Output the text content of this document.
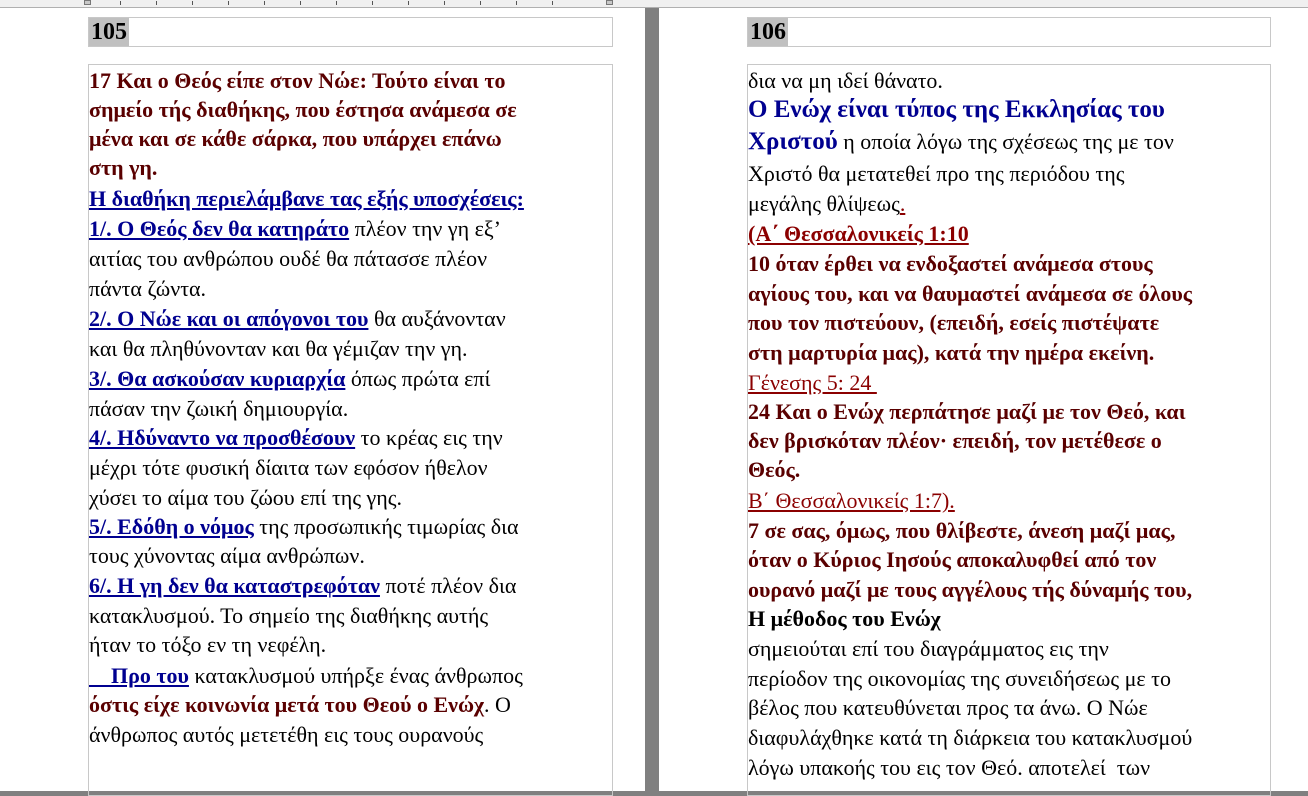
105
17 Και ο Θεός είπε στον Νώε: Τούτο είναι το
σημείο τής διαθήκης, που έστησα ανάμεσα σε
μένα και σε κάθε σάρκα, που υπάρχει επάνω
στη γη.
Η διαθήκη περιελάμβανε τας εξής υποσχέσεις:
1/. Ο Θεός δεν θα κατηράτο πλέον την γη εξ’
αιτίας του ανθρώπου ουδέ θα πάτασσε πλέον
πάντα ζώντα.
2/. Ο Νώε και οι απόγονοι του θα αυξάνονταν
και θα πληθύνονταν και θα γέμιζαν την γη.
3/. Θα ασκούσαν κυριαρχία όπως πρώτα επί
πάσαν την ζωική δημιουργία.
4/. Ηδύναντο να προσθέσουν το κρέας εις την
μέχρι τότε φυσική δίαιτα των εφόσον ήθελον
χύσει το αίμα του ζώου επί της γης.
5/. Εδόθη ο νόμος της προσωπικής τιμωρίας δια
τους χύνοντας αίμα ανθρώπων.
6/. Η γη δεν θα καταστρεφόταν ποτέ πλέον δια
κατακλυσμού. Το σημείο της διαθήκης αυτής
ήταν το τόξο εν τη νεφέλη.
Προ του κατακλυσμού υπήρξε ένας άνθρωπος
όστις είχε κοινωνία μετά του Θεού ο Ενώχ. Ο
άνθρωπος αυτός μετετέθη εις τους ουρανούς
106
δια να μη ιδεί θάνατο.
Ο Ενώχ είναι τύπος της Εκκλησίας του
Χριστού η οποία λόγω της σχέσεως της με τον
Χριστό θα μετατεθεί προ της περιόδου της
μεγάλης θλίψεως.
(Α΄ Θεσσαλονικείς 1:10
10 όταν έρθει να ενδοξαστεί ανάμεσα στους
αγίους του, και να θαυμαστεί ανάμεσα σε όλους
που τον πιστεύουν, (επειδή, εσείς πιστέψατε
στη μαρτυρία μας), κατά την ημέρα εκείνη.
Γένεσης 5: 24
24 Και ο Ενώχ περπάτησε μαζί με τον Θεό, και
δεν βρισκόταν πλέον· επειδή, τον μετέθεσε ο
Θεός.
Β΄ Θεσσαλονικείς 1:7).
7 σε σας, όμως, που θλίβεστε, άνεση μαζί μας,
όταν ο Κύριος Ιησούς αποκαλυφθεί από τον
ουρανό μαζί με τους αγγέλους τής δύναμής του,
Η μέθοδος του Ενώχ
σημειούται επί του διαγράμματος εις την
περίοδον της οικονομίας της συνειδήσεως με το
βέλος που κατευθύνεται προς τα άνω. Ο Νώε
διαφυλάχθηκε κατά τη διάρκεια του κατακλυσμού
λόγω υπακοής του εις τον Θεό. αποτελεί  των
